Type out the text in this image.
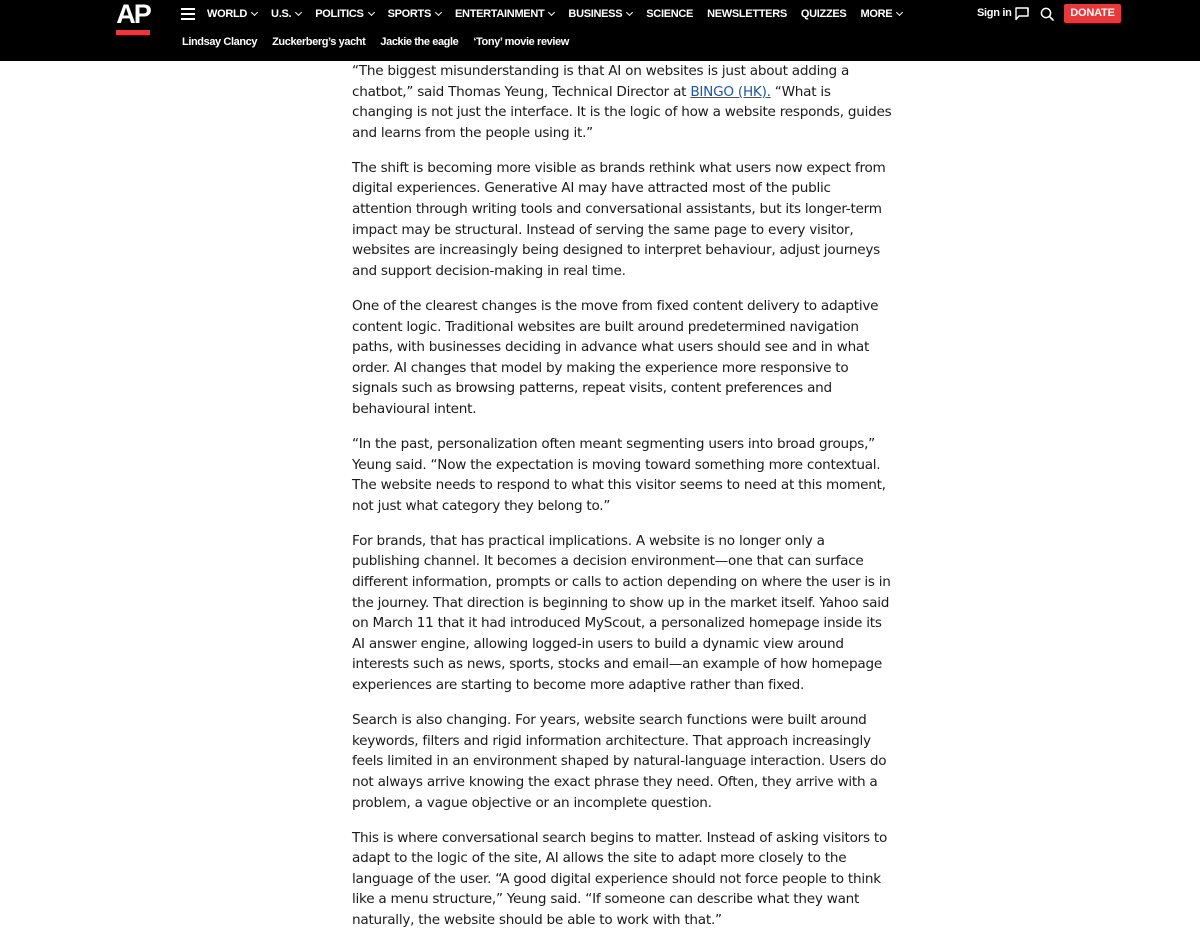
AP	WORLD U.S. POLITICS SPORTS ENTERTAINMENT BUSINESS SCIENCE NEWSLETTERS QUIZZES MORE
Lindsay Clancy Zuckerberg’s yacht Jackie the eagle ‘Tony’ movie review
Sign in	DONATE

“The biggest misunderstanding is that AI on websites is just about adding a chatbot,” said Thomas Yeung, Technical Director at BINGO (HK). “What is changing is not just the interface. It is the logic of how a website responds, guides and learns from the people using it.”

The shift is becoming more visible as brands rethink what users now expect from digital experiences. Generative AI may have attracted most of the public attention through writing tools and conversational assistants, but its longer-term impact may be structural. Instead of serving the same page to every visitor, websites are increasingly being designed to interpret behaviour, adjust journeys and support decision-making in real time.

One of the clearest changes is the move from fixed content delivery to adaptive content logic. Traditional websites are built around predetermined navigation paths, with businesses deciding in advance what users should see and in what order. AI changes that model by making the experience more responsive to signals such as browsing patterns, repeat visits, content preferences and behavioural intent.

“In the past, personalization often meant segmenting users into broad groups,” Yeung said. “Now the expectation is moving toward something more contextual. The website needs to respond to what this visitor seems to need at this moment, not just what category they belong to.”

For brands, that has practical implications. A website is no longer only a publishing channel. It becomes a decision environment—one that can surface different information, prompts or calls to action depending on where the user is in the journey. That direction is beginning to show up in the market itself. Yahoo said on March 11 that it had introduced MyScout, a personalized homepage inside its AI answer engine, allowing logged-in users to build a dynamic view around interests such as news, sports, stocks and email—an example of how homepage experiences are starting to become more adaptive rather than fixed.

Search is also changing. For years, website search functions were built around keywords, filters and rigid information architecture. That approach increasingly feels limited in an environment shaped by natural-language interaction. Users do not always arrive knowing the exact phrase they need. Often, they arrive with a problem, a vague objective or an incomplete question.

This is where conversational search begins to matter. Instead of asking visitors to adapt to the logic of the site, AI allows the site to adapt more closely to the language of the user. “A good digital experience should not force people to think like a menu structure,” Yeung said. “If someone can describe what they want naturally, the website should be able to work with that.”
